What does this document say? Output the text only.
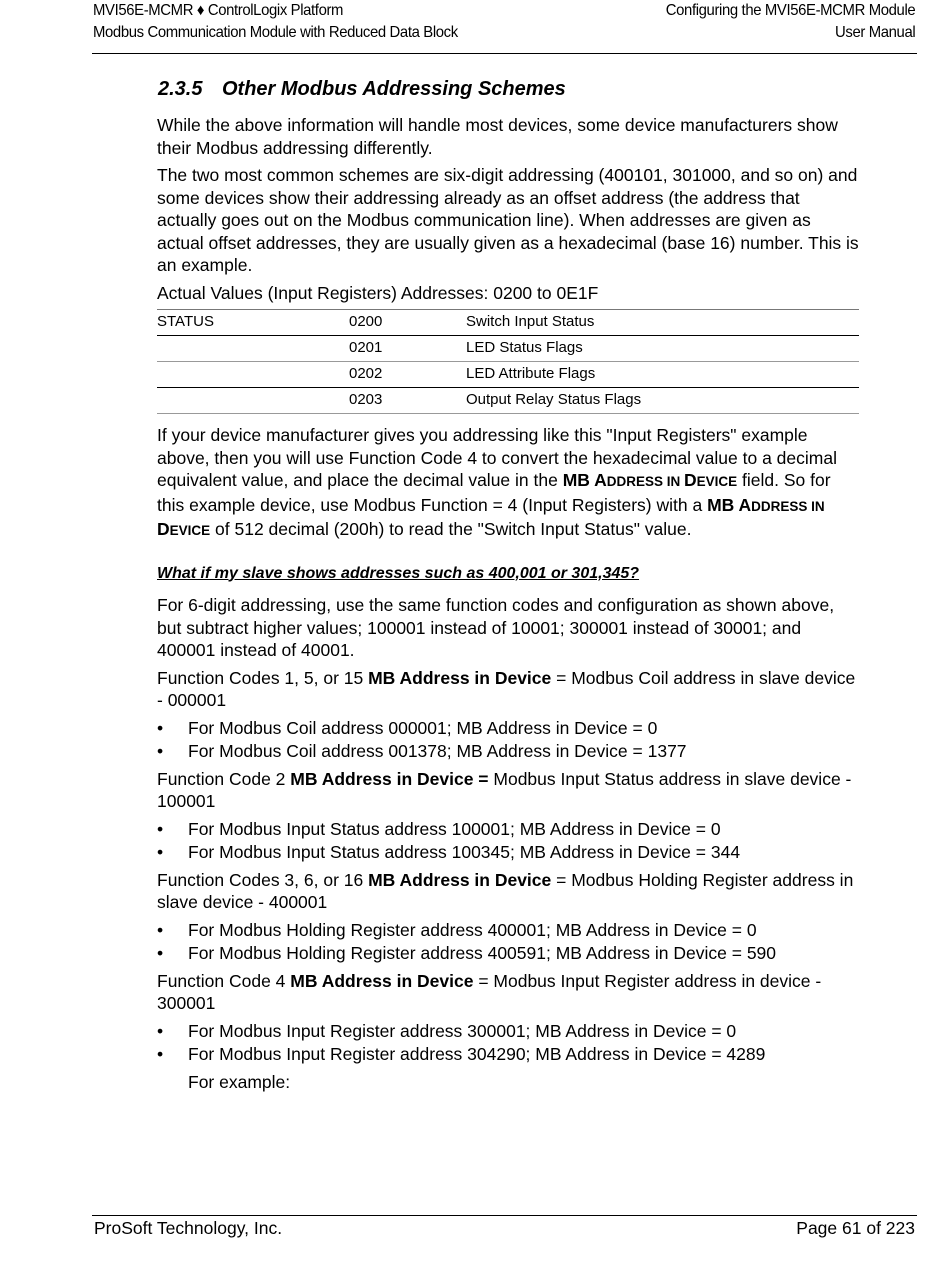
MVI56E-MCMR ♦ ControlLogix Platform
Modbus Communication Module with Reduced Data Block
Configuring the MVI56E-MCMR Module
User Manual
2.3.5 Other Modbus Addressing Schemes

While the above information will handle most devices, some device manufacturers show their Modbus addressing differently.

The two most common schemes are six-digit addressing (400101, 301000, and so on) and some devices show their addressing already as an offset address (the address that actually goes out on the Modbus communication line). When addresses are given as actual offset addresses, they are usually given as a hexadecimal (base 16) number. This is an example.

Actual Values (Input Registers) Addresses: 0200 to 0E1F

STATUS	0200	Switch Input Status
	0201	LED Status Flags
	0202	LED Attribute Flags
	0203	Output Relay Status Flags

If your device manufacturer gives you addressing like this "Input Registers" example above, then you will use Function Code 4 to convert the hexadecimal value to a decimal equivalent value, and place the decimal value in the MB ADDRESS IN DEVICE field. So for this example device, use Modbus Function = 4 (Input Registers) with a MB ADDRESS IN DEVICE of 512 decimal (200h) to read the "Switch Input Status" value.

What if my slave shows addresses such as 400,001 or 301,345?

For 6-digit addressing, use the same function codes and configuration as shown above, but subtract higher values; 100001 instead of 10001; 300001 instead of 30001; and 400001 instead of 40001.

Function Codes 1, 5, or 15 MB Address in Device = Modbus Coil address in slave device - 000001

• For Modbus Coil address 000001; MB Address in Device = 0
• For Modbus Coil address 001378; MB Address in Device = 1377

Function Code 2 MB Address in Device = Modbus Input Status address in slave device - 100001

• For Modbus Input Status address 100001; MB Address in Device = 0
• For Modbus Input Status address 100345; MB Address in Device = 344

Function Codes 3, 6, or 16 MB Address in Device = Modbus Holding Register address in slave device - 400001

• For Modbus Holding Register address 400001; MB Address in Device = 0
• For Modbus Holding Register address 400591; MB Address in Device = 590

Function Code 4 MB Address in Device = Modbus Input Register address in device - 300001

• For Modbus Input Register address 300001; MB Address in Device = 0
• For Modbus Input Register address 304290; MB Address in Device = 4289

For example:

ProSoft Technology, Inc.	Page 61 of 223
